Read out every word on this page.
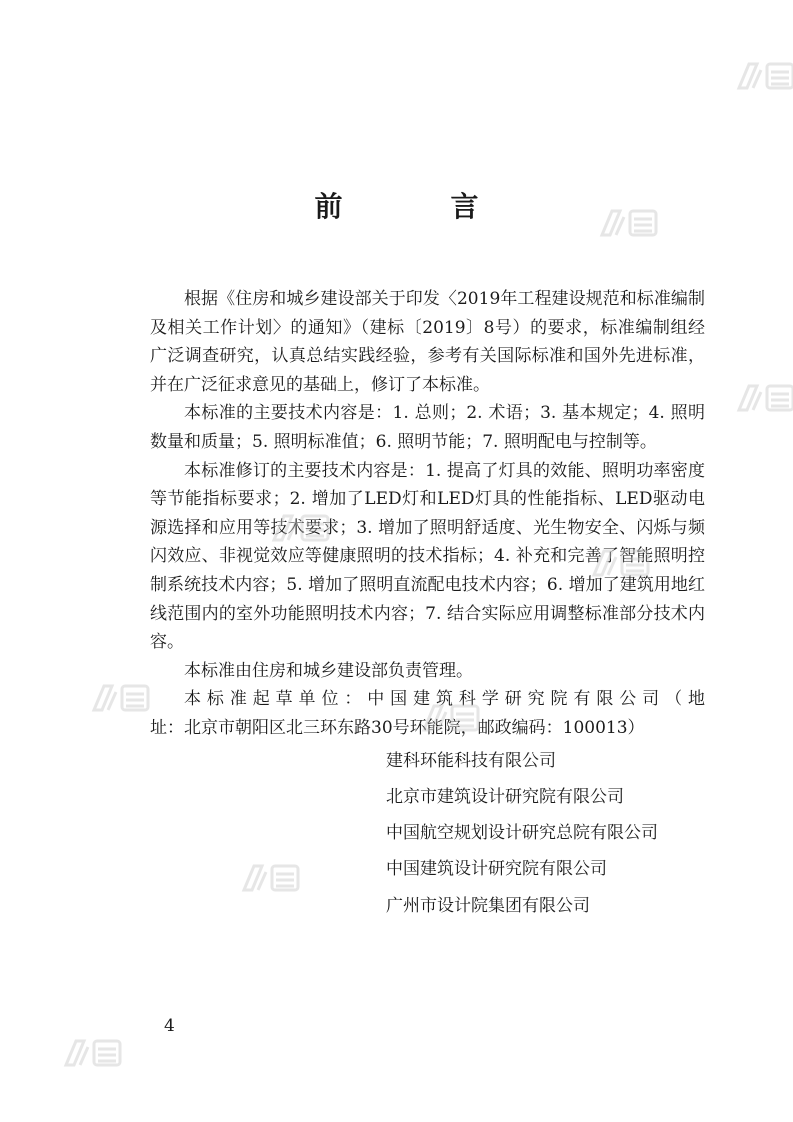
前　言

根据《住房和城乡建设部关于印发〈2019年工程建设规范和标准编制及相关工作计划〉的通知》（建标〔2019〕8号）的要求，标准编制组经广泛调查研究，认真总结实践经验，参考有关国际标准和国外先进标准，并在广泛征求意见的基础上，修订了本标准。

本标准的主要技术内容是：1. 总则；2. 术语；3. 基本规定；4. 照明数量和质量；5. 照明标准值；6. 照明节能；7. 照明配电与控制等。

本标准修订的主要技术内容是：1. 提高了灯具的效能、照明功率密度等节能指标要求；2. 增加了LED灯和LED灯具的性能指标、LED驱动电源选择和应用等技术要求；3. 增加了照明舒适度、光生物安全、闪烁与频闪效应、非视觉效应等健康照明的技术指标；4. 补充和完善了智能照明控制系统技术内容；5. 增加了照明直流配电技术内容；6. 增加了建筑用地红线范围内的室外功能照明技术内容；7. 结合实际应用调整标准部分技术内容。

本标准由住房和城乡建设部负责管理。

本标准起草单位：中国建筑科学研究院有限公司（地

址：北京市朝阳区北三环东路30号环能院，邮政编码：100013）

建科环能科技有限公司
北京市建筑设计研究院有限公司
中国航空规划设计研究总院有限公司
中国建筑设计研究院有限公司
广州市设计院集团有限公司
4
